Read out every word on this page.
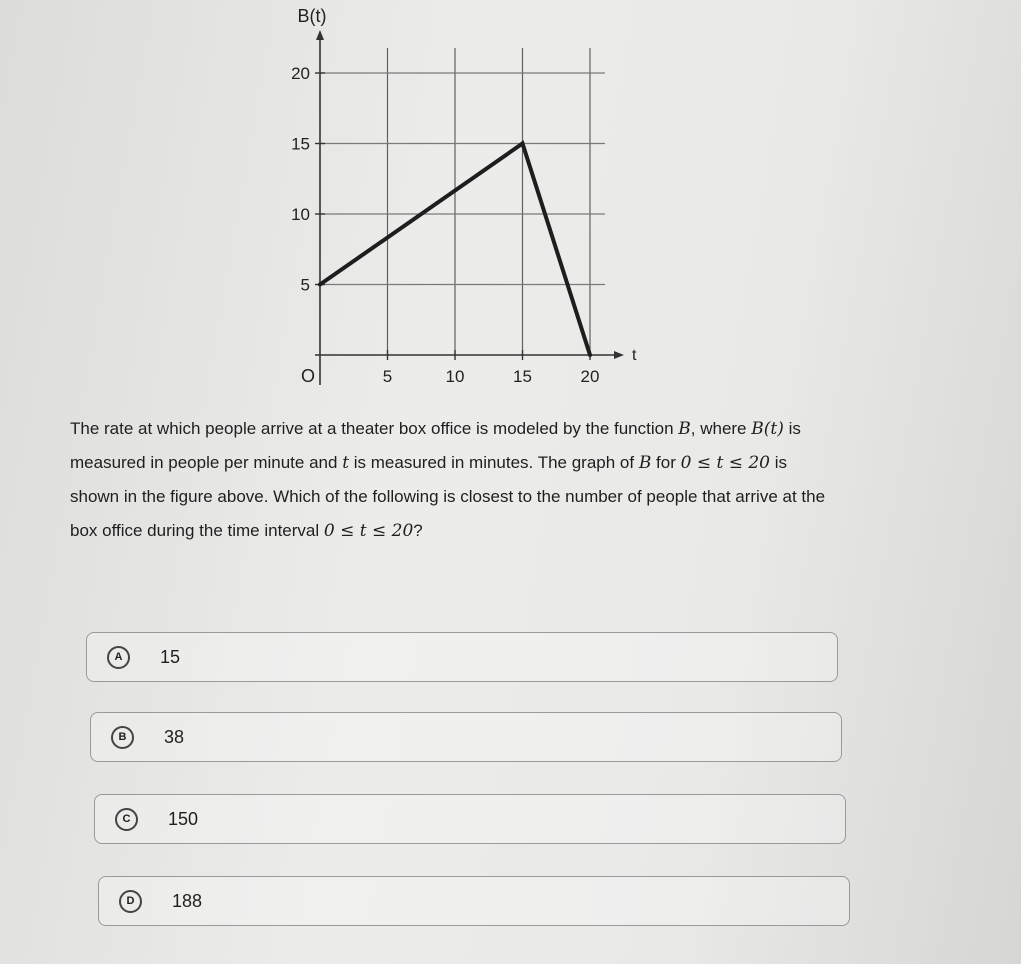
B(t)
t
O	5	10	15	20
5
10
15
20

The rate at which people arrive at a theater box office is modeled by the function B, where B(t) is measured in people per minute and t is measured in minutes. The graph of B for 0 ≤ t ≤ 20 is shown in the figure above. Which of the following is closest to the number of people that arrive at the box office during the time interval 0 ≤ t ≤ 20?

A	15
B	38
C	150
D	188
